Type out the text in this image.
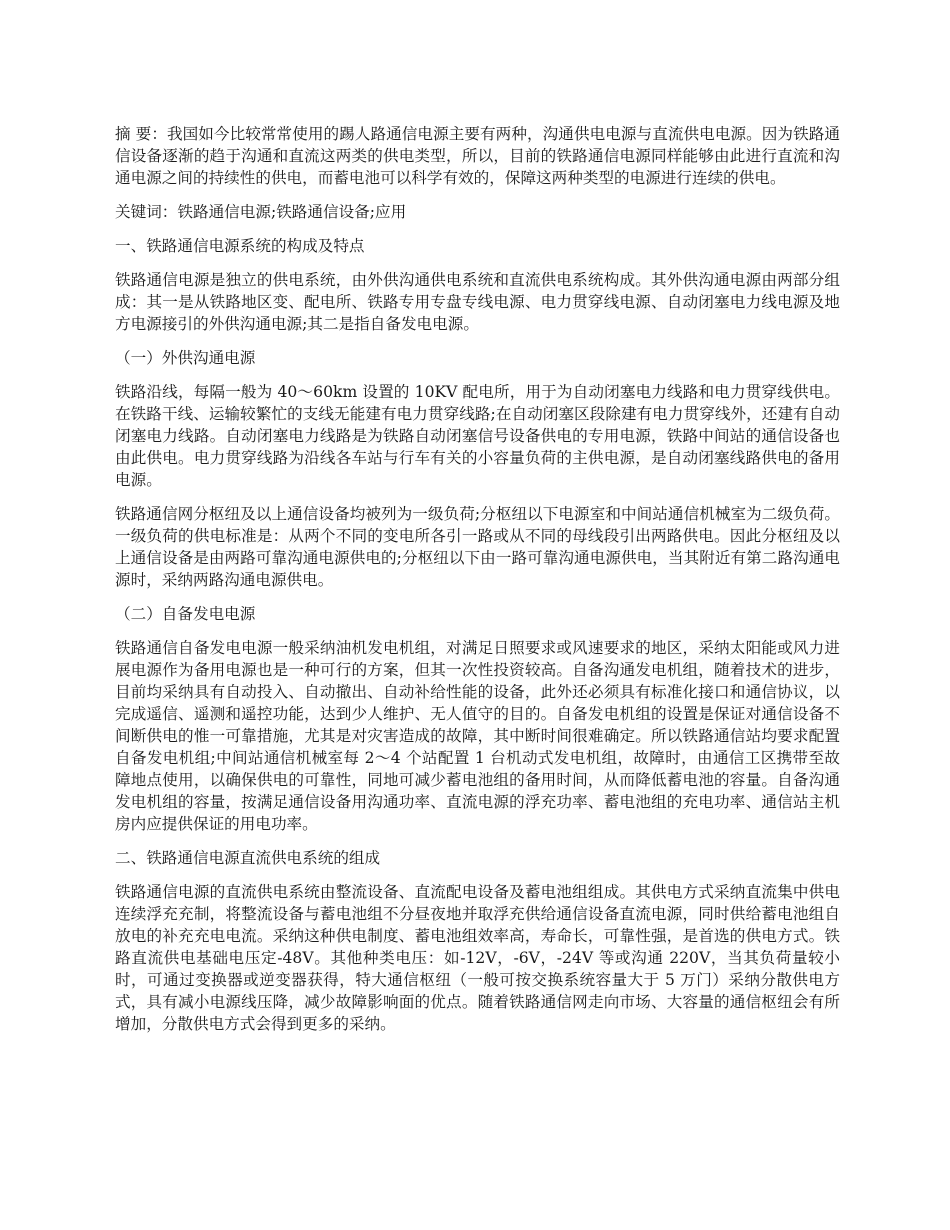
摘 要：我国如今比较常常使用的踢人路通信电源主要有两种，沟通供电电源与直流供电电源。因为铁路通信设备逐渐的趋于沟通和直流这两类的供电类型，所以，目前的铁路通信电源同样能够由此进行直流和沟通电源之间的持续性的供电，而蓄电池可以科学有效的，保障这两种类型的电源进行连续的供电。

关键词：铁路通信电源;铁路通信设备;应用

一、铁路通信电源系统的构成及特点

铁路通信电源是独立的供电系统，由外供沟通供电系统和直流供电系统构成。其外供沟通电源由两部分组成：其一是从铁路地区变、配电所、铁路专用专盘专线电源、电力贯穿线电源、自动闭塞电力线电源及地方电源接引的外供沟通电源;其二是指自备发电电源。

（一）外供沟通电源

铁路沿线，每隔一般为 40～60km 设置的 10KV 配电所，用于为自动闭塞电力线路和电力贯穿线供电。在铁路干线、运输较繁忙的支线无能建有电力贯穿线路;在自动闭塞区段除建有电力贯穿线外，还建有自动闭塞电力线路。自动闭塞电力线路是为铁路自动闭塞信号设备供电的专用电源，铁路中间站的通信设备也由此供电。电力贯穿线路为沿线各车站与行车有关的小容量负荷的主供电源，是自动闭塞线路供电的备用电源。

铁路通信网分枢纽及以上通信设备均被列为一级负荷;分枢纽以下电源室和中间站通信机械室为二级负荷。一级负荷的供电标准是：从两个不同的变电所各引一路或从不同的母线段引出两路供电。因此分枢纽及以上通信设备是由两路可靠沟通电源供电的;分枢纽以下由一路可靠沟通电源供电，当其附近有第二路沟通电源时，采纳两路沟通电源供电。

（二）自备发电电源

铁路通信自备发电电源一般采纳油机发电机组，对满足日照要求或风速要求的地区，采纳太阳能或风力进展电源作为备用电源也是一种可行的方案，但其一次性投资较高。自备沟通发电机组，随着技术的进步，目前均采纳具有自动投入、自动撤出、自动补给性能的设备，此外还必须具有标准化接口和通信协议，以完成遥信、遥测和遥控功能，达到少人维护、无人值守的目的。自备发电机组的设置是保证对通信设备不间断供电的惟一可靠措施，尤其是对灾害造成的故障，其中断时间很难确定。所以铁路通信站均要求配置自备发电机组;中间站通信机械室每 2～4 个站配置 1 台机动式发电机组，故障时，由通信工区携带至故障地点使用，以确保供电的可靠性，同地可减少蓄电池组的备用时间，从而降低蓄电池的容量。自备沟通发电机组的容量，按满足通信设备用沟通功率、直流电源的浮充功率、蓄电池组的充电功率、通信站主机房内应提供保证的用电功率。

二、铁路通信电源直流供电系统的组成

铁路通信电源的直流供电系统由整流设备、直流配电设备及蓄电池组组成。其供电方式采纳直流集中供电连续浮充充制，将整流设备与蓄电池组不分昼夜地并取浮充供给通信设备直流电源，同时供给蓄电池组自放电的补充充电电流。采纳这种供电制度、蓄电池组效率高，寿命长，可靠性强，是首选的供电方式。铁路直流供电基础电压定-48V。其他种类电压：如-12V，-6V，-24V 等或沟通 220V，当其负荷量较小时，可通过变换器或逆变器获得，特大通信枢纽（一般可按交换系统容量大于 5 万门）采纳分散供电方式，具有减小电源线压降，减少故障影响面的优点。随着铁路通信网走向市场、大容量的通信枢纽会有所增加，分散供电方式会得到更多的采纳。
